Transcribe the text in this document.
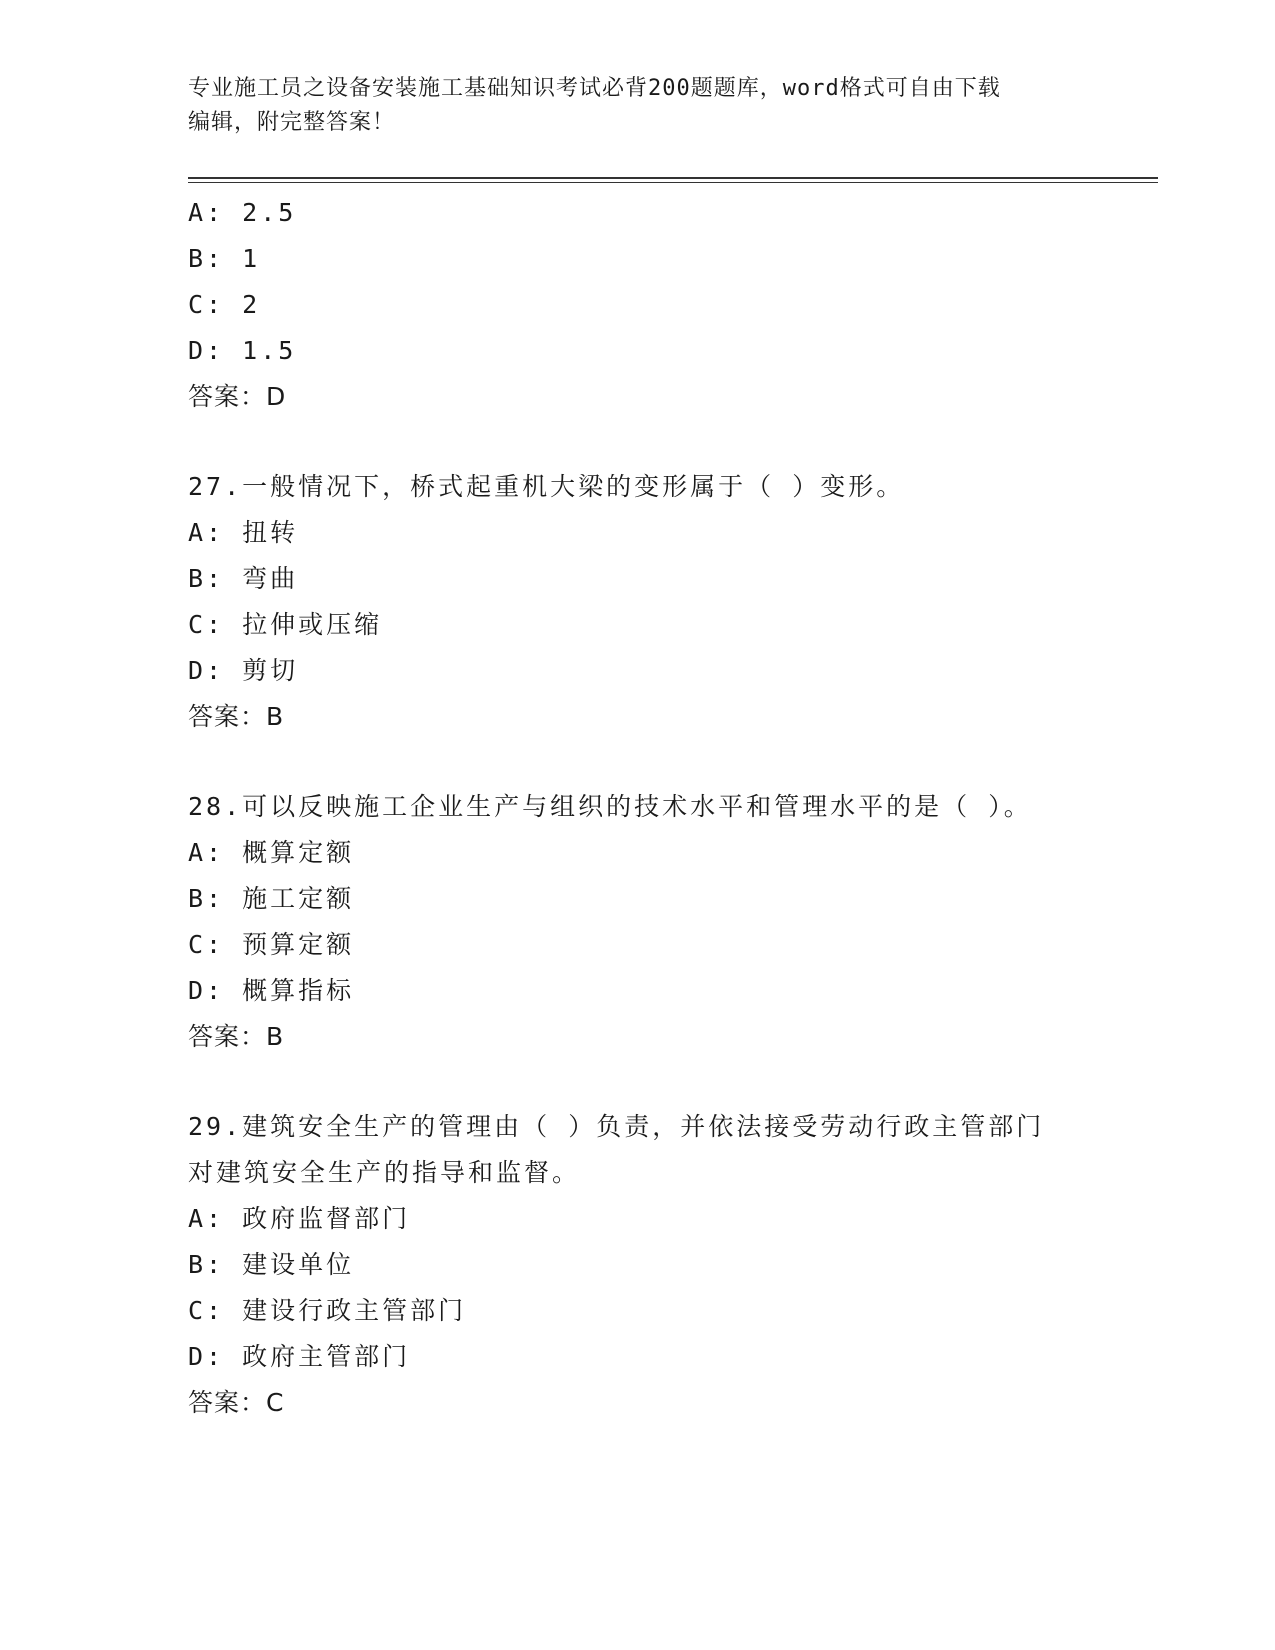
专业施工员之设备安装施工基础知识考试必背200题题库，word格式可自由下载
编辑，附完整答案！
A: 2.5
B: 1
C: 2
D: 1.5
答案：D
27.一般情况下，桥式起重机大梁的变形属于（ ）变形。
A: 扭转
B: 弯曲
C: 拉伸或压缩
D: 剪切
答案：B
28.可以反映施工企业生产与组织的技术水平和管理水平的是（ ）。
A: 概算定额
B: 施工定额
C: 预算定额
D: 概算指标
答案：B
29.建筑安全生产的管理由（ ）负责，并依法接受劳动行政主管部门
对建筑安全生产的指导和监督。
A: 政府监督部门
B: 建设单位
C: 建设行政主管部门
D: 政府主管部门
答案：C
